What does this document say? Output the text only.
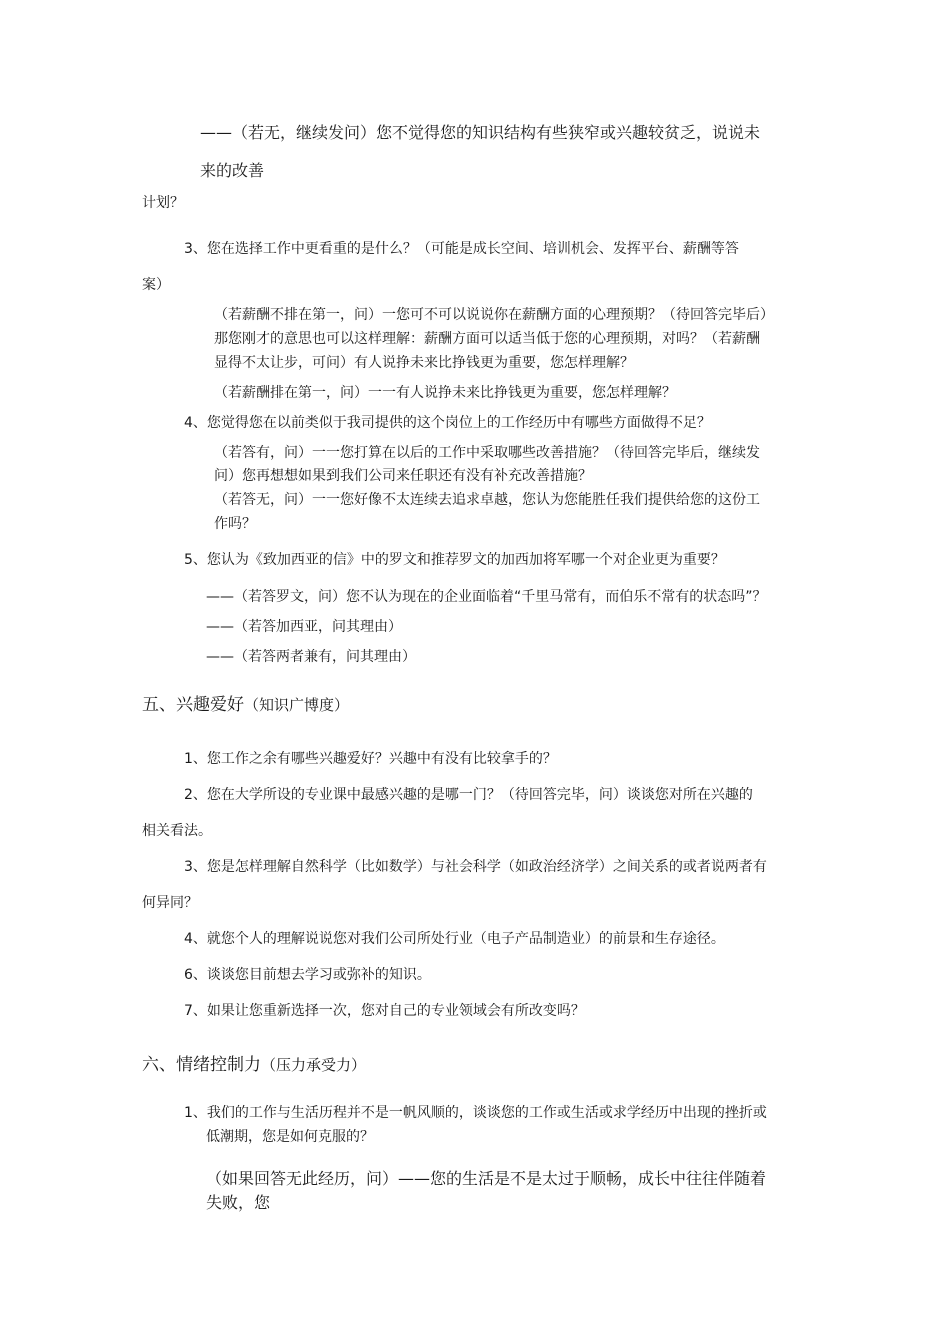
——（若无，继续发问）您不觉得您的知识结构有些狭窄或兴趣较贫乏，说说未

来的改善

计划？

3、您在选择工作中更看重的是什么？（可能是成长空间、培训机会、发挥平台、薪酬等答

案）

（若薪酬不排在第一，问）一您可不可以说说你在薪酬方面的心理预期？（待回答完毕后）

那您刚才的意思也可以这样理解：薪酬方面可以适当低于您的心理预期，对吗？（若薪酬

显得不太让步，可问）有人说挣未来比挣钱更为重要，您怎样理解？

（若薪酬排在第一，问）一一有人说挣未来比挣钱更为重要，您怎样理解？

4、您觉得您在以前类似于我司提供的这个岗位上的工作经历中有哪些方面做得不足？

（若答有，问）一一您打算在以后的工作中采取哪些改善措施？（待回答完毕后，继续发

问）您再想想如果到我们公司来任职还有没有补充改善措施？

（若答无，问）一一您好像不太连续去追求卓越，您认为您能胜任我们提供给您的这份工

作吗？

5、您认为《致加西亚的信》中的罗文和推荐罗文的加西加将军哪一个对企业更为重要？

——（若答罗文，问）您不认为现在的企业面临着“千里马常有，而伯乐不常有的状态吗”？

——（若答加西亚，问其理由）

——（若答两者兼有，问其理由）

五、兴趣爱好（知识广博度）

1、您工作之余有哪些兴趣爱好？兴趣中有没有比较拿手的？

2、您在大学所设的专业课中最感兴趣的是哪一门？（待回答完毕，问）谈谈您对所在兴趣的

相关看法。

3、您是怎样理解自然科学（比如数学）与社会科学（如政治经济学）之间关系的或者说两者有

何异同？

4、就您个人的理解说说您对我们公司所处行业（电子产品制造业）的前景和生存途径。

6、谈谈您目前想去学习或弥补的知识。

7、如果让您重新选择一次，您对自己的专业领域会有所改变吗？

六、情绪控制力（压力承受力）

1、我们的工作与生活历程并不是一帆风顺的，谈谈您的工作或生活或求学经历中出现的挫折或

低潮期，您是如何克服的？

（如果回答无此经历，问）——您的生活是不是太过于顺畅，成长中往往伴随着

失败，您
